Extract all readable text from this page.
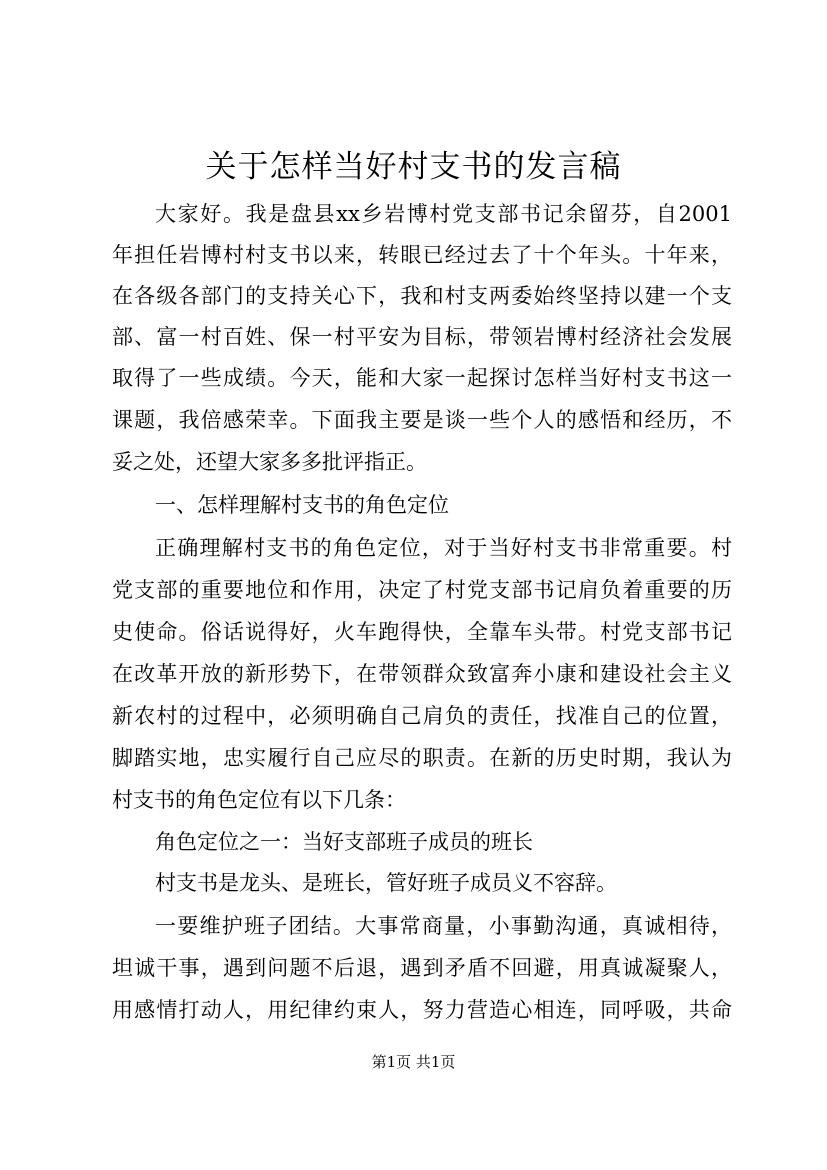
关于怎样当好村支书的发言稿
大家好。我是盘县xx乡岩博村党支部书记余留芬，自2001
年担任岩博村村支书以来，转眼已经过去了十个年头。十年来，
在各级各部门的支持关心下，我和村支两委始终坚持以建一个支
部、富一村百姓、保一村平安为目标，带领岩博村经济社会发展
取得了一些成绩。今天，能和大家一起探讨怎样当好村支书这一
课题，我倍感荣幸。下面我主要是谈一些个人的感悟和经历，不
妥之处，还望大家多多批评指正。
一、怎样理解村支书的角色定位
正确理解村支书的角色定位，对于当好村支书非常重要。村
党支部的重要地位和作用，决定了村党支部书记肩负着重要的历
史使命。俗话说得好，火车跑得快，全靠车头带。村党支部书记
在改革开放的新形势下，在带领群众致富奔小康和建设社会主义
新农村的过程中，必须明确自己肩负的责任，找准自己的位置，
脚踏实地，忠实履行自己应尽的职责。在新的历史时期，我认为
村支书的角色定位有以下几条：
角色定位之一：当好支部班子成员的班长
村支书是龙头、是班长，管好班子成员义不容辞。
一要维护班子团结。大事常商量，小事勤沟通，真诚相待，
坦诚干事，遇到问题不后退，遇到矛盾不回避，用真诚凝聚人，
用感情打动人，用纪律约束人，努力营造心相连，同呼吸，共命
第1页 共1页
